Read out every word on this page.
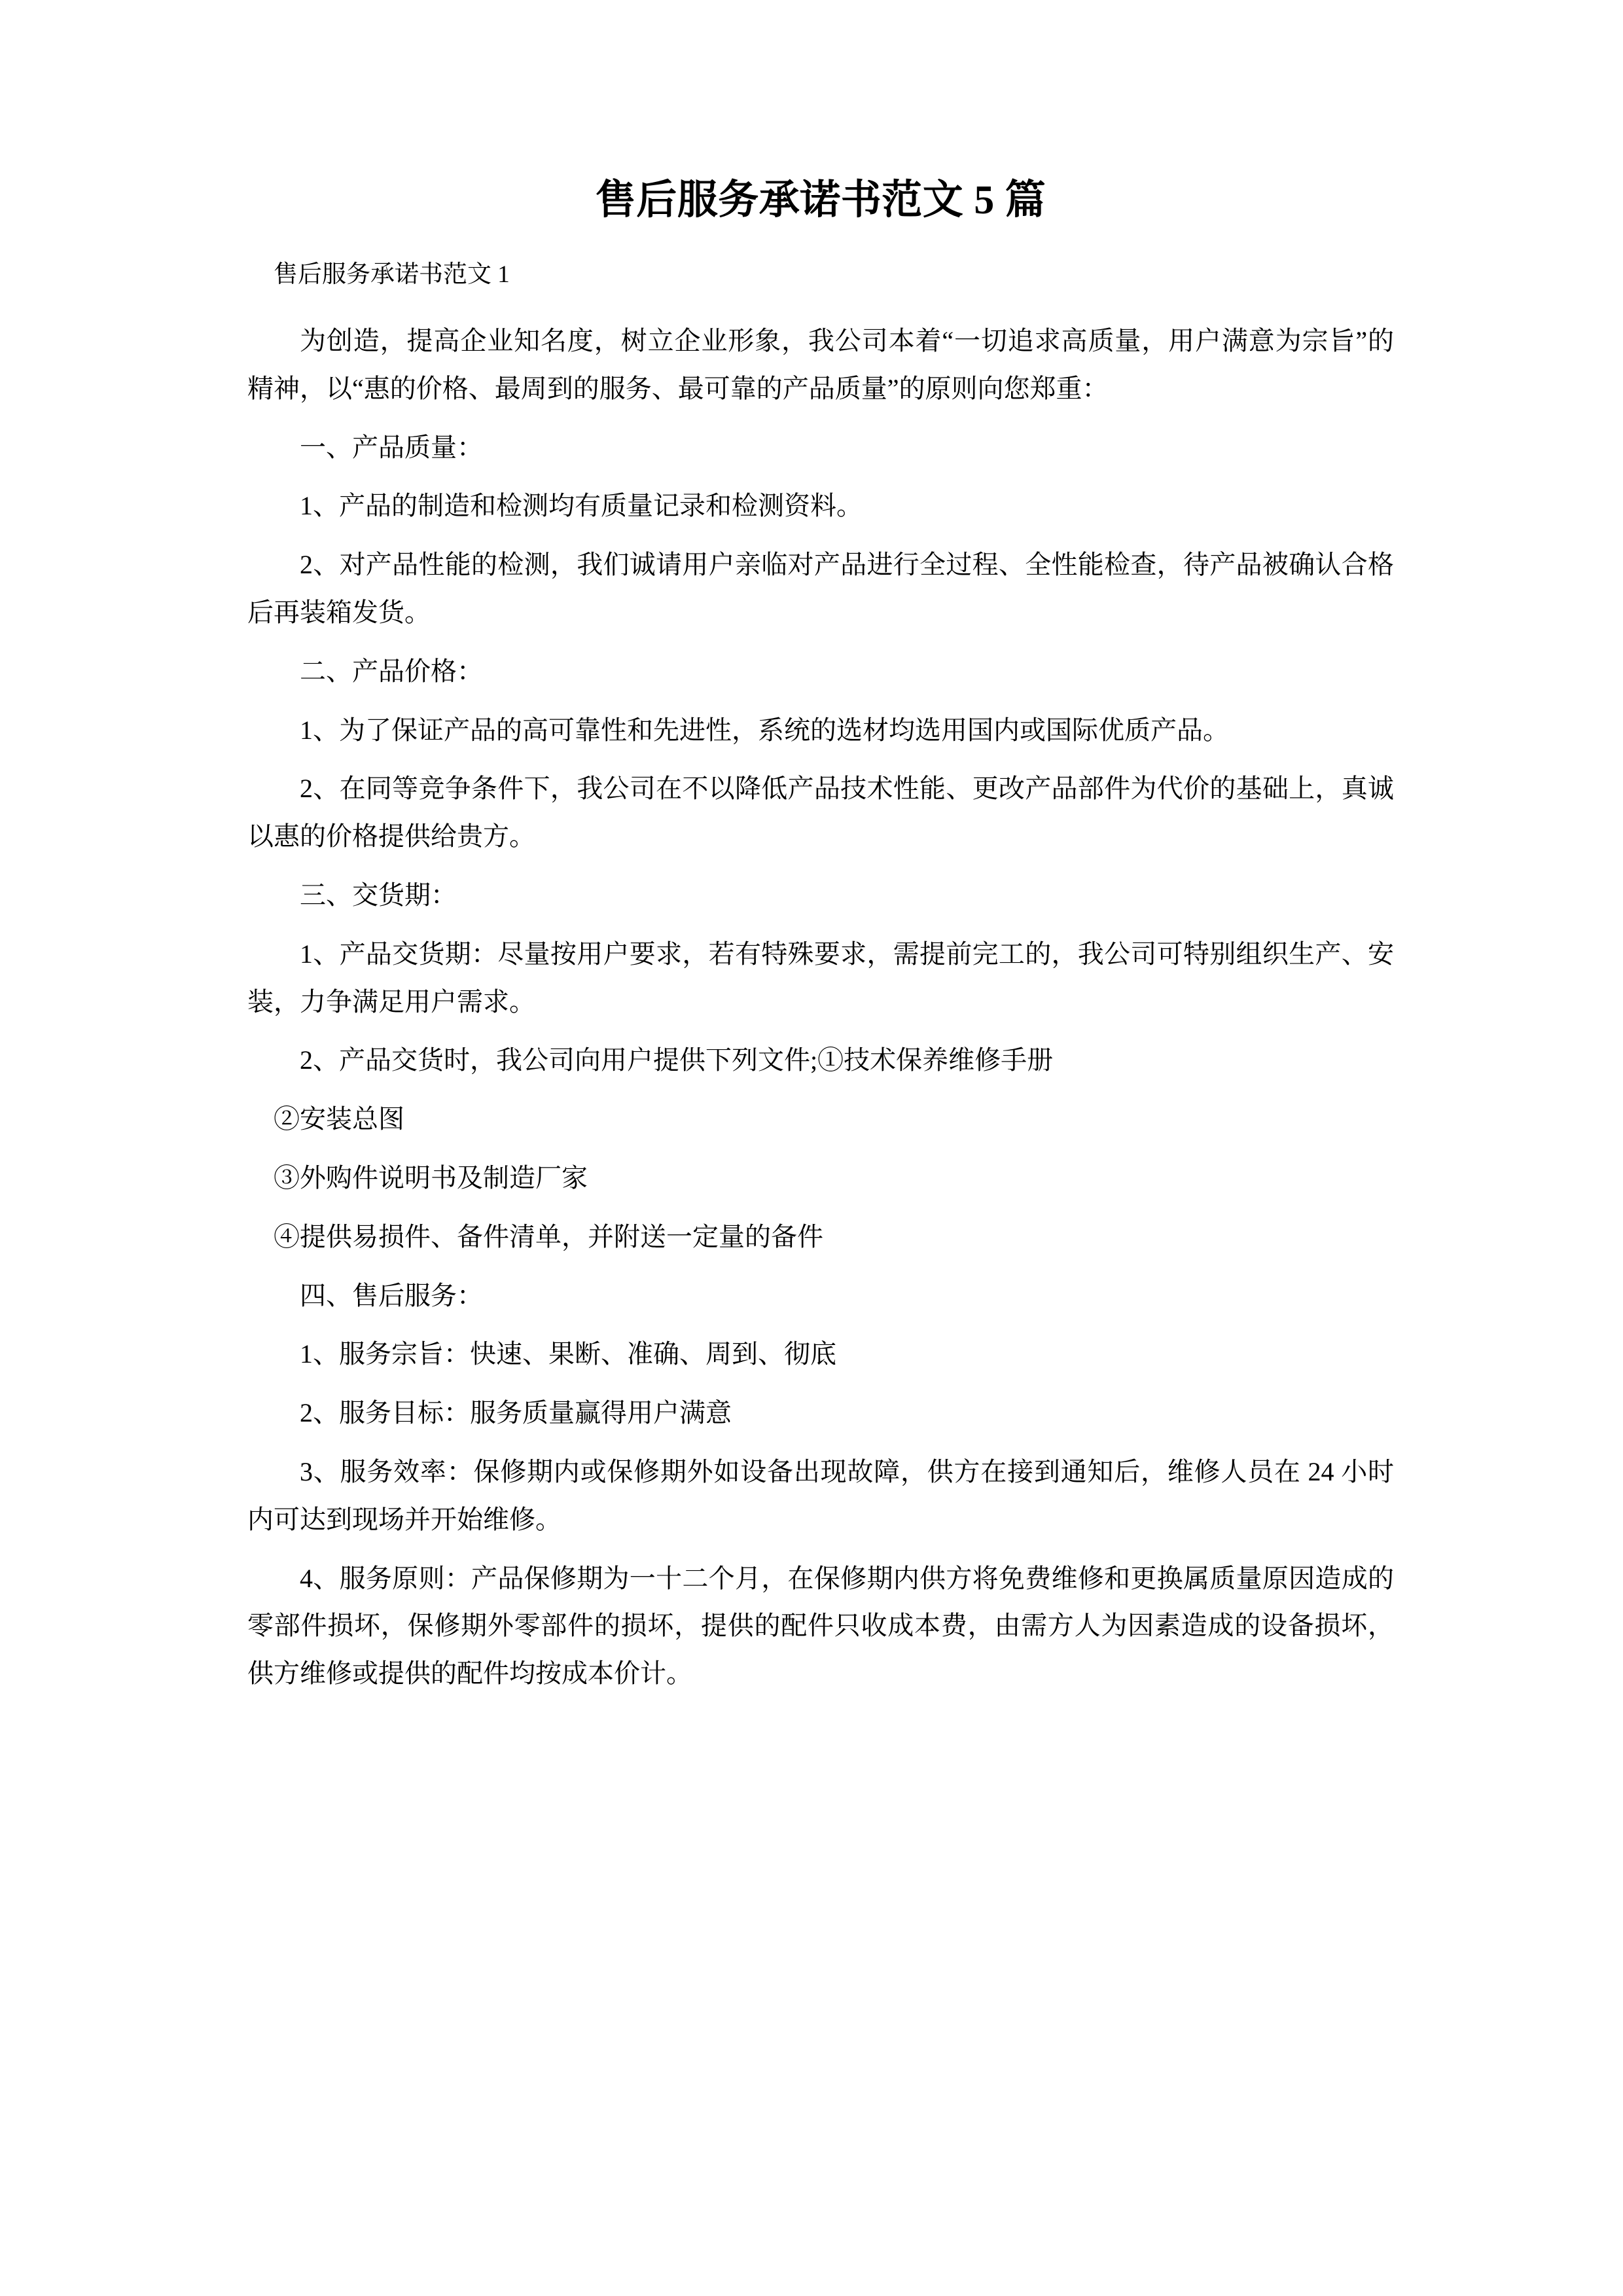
售后服务承诺书范文 5 篇
售后服务承诺书范文 1

为创造，提高企业知名度，树立企业形象，我公司本着“一切追求高质量，用户满意为宗旨”的精神，以“惠的价格、最周到的服务、最可靠的产品质量”的原则向您郑重：

一、产品质量：

1、产品的制造和检测均有质量记录和检测资料。

2、对产品性能的检测，我们诚请用户亲临对产品进行全过程、全性能检查，待产品被确认合格后再装箱发货。

二、产品价格：

1、为了保证产品的高可靠性和先进性，系统的选材均选用国内或国际优质产品。

2、在同等竞争条件下，我公司在不以降低产品技术性能、更改产品部件为代价的基础上，真诚以惠的价格提供给贵方。

三、交货期：

1、产品交货期：尽量按用户要求，若有特殊要求，需提前完工的，我公司可特别组织生产、安装，力争满足用户需求。

2、产品交货时，我公司向用户提供下列文件;①技术保养维修手册

②安装总图

③外购件说明书及制造厂家

④提供易损件、备件清单，并附送一定量的备件

四、售后服务：

1、服务宗旨：快速、果断、准确、周到、彻底

2、服务目标：服务质量赢得用户满意

3、服务效率：保修期内或保修期外如设备出现故障，供方在接到通知后，维修人员在 24 小时内可达到现场并开始维修。

4、服务原则：产品保修期为一十二个月，在保修期内供方将免费维修和更换属质量原因造成的零部件损坏，保修期外零部件的损坏，提供的配件只收成本费，由需方人为因素造成的设备损坏，供方维修或提供的配件均按成本价计。
